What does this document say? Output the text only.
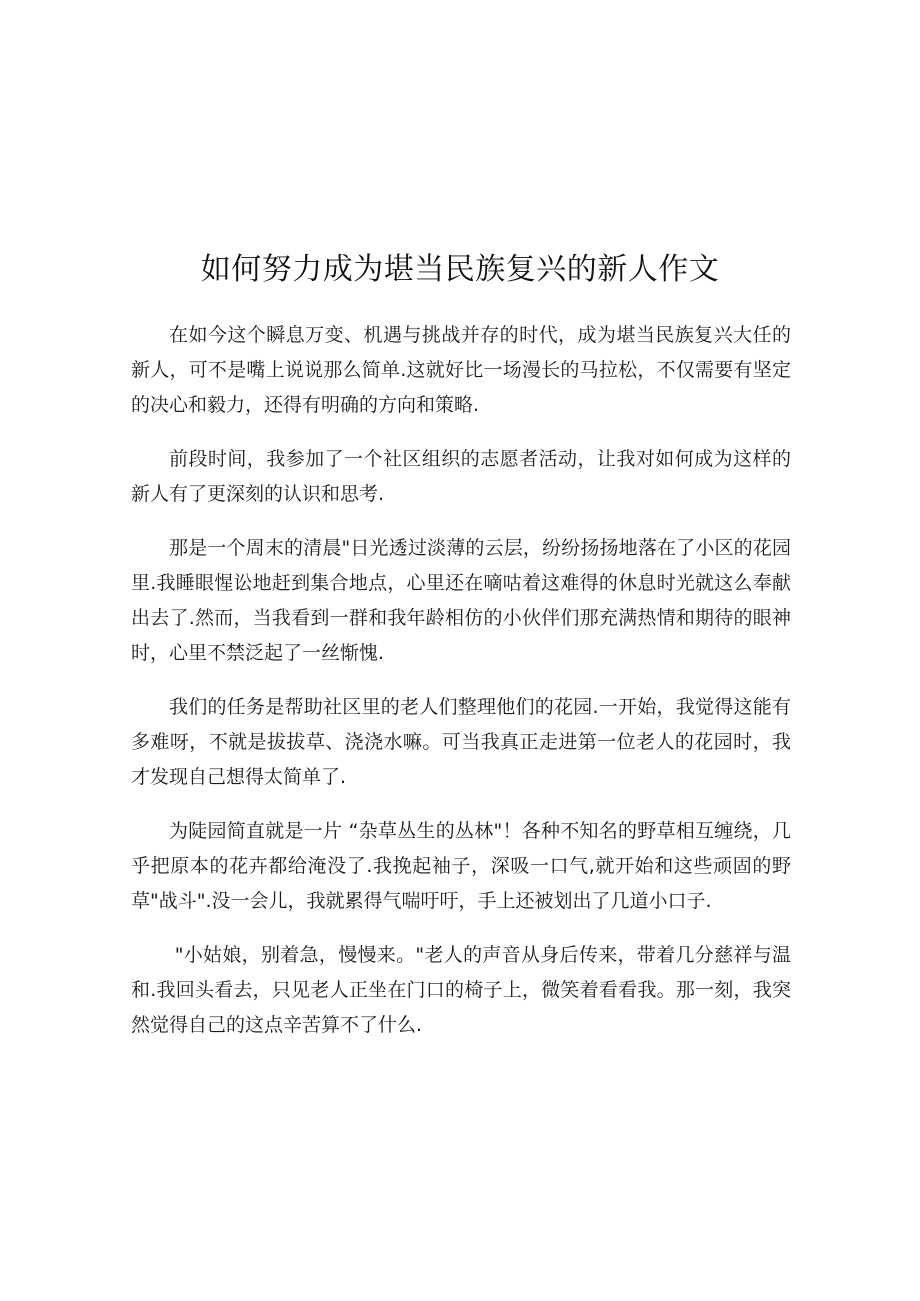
如何努力成为堪当民族复兴的新人作文

在如今这个瞬息万变、机遇与挑战并存的时代，成为堪当民族复兴大任的新人，可不是嘴上说说那么简单.这就好比一场漫长的马拉松，不仅需要有坚定的决心和毅力，还得有明确的方向和策略.

前段时间，我参加了一个社区组织的志愿者活动，让我对如何成为这样的新人有了更深刻的认识和思考.

那是一个周末的清晨"日光透过淡薄的云层，纷纷扬扬地落在了小区的花园里.我睡眼惺讼地赶到集合地点，心里还在嘀咕着这难得的休息时光就这么奉献出去了.然而，当我看到一群和我年龄相仿的小伙伴们那充满热情和期待的眼神时，心里不禁泛起了一丝惭愧.

我们的任务是帮助社区里的老人们整理他们的花园.一开始，我觉得这能有多难呀，不就是拔拔草、浇浇水嘛。可当我真正走进第一位老人的花园时，我才发现自己想得太简单了.

为陡园简直就是一片 “杂草丛生的丛林"！各种不知名的野草相互缠绕，几乎把原本的花卉都给淹没了.我挽起袖子，深吸一口气,就开始和这些顽固的野草"战斗".没一会儿，我就累得气喘吁吁，手上还被划出了几道小口子.

"小姑娘，别着急，慢慢来。"老人的声音从身后传来，带着几分慈祥与温和.我回头看去，只见老人正坐在门口的椅子上，微笑着看看我。那一刻，我突然觉得自己的这点辛苦算不了什么.
